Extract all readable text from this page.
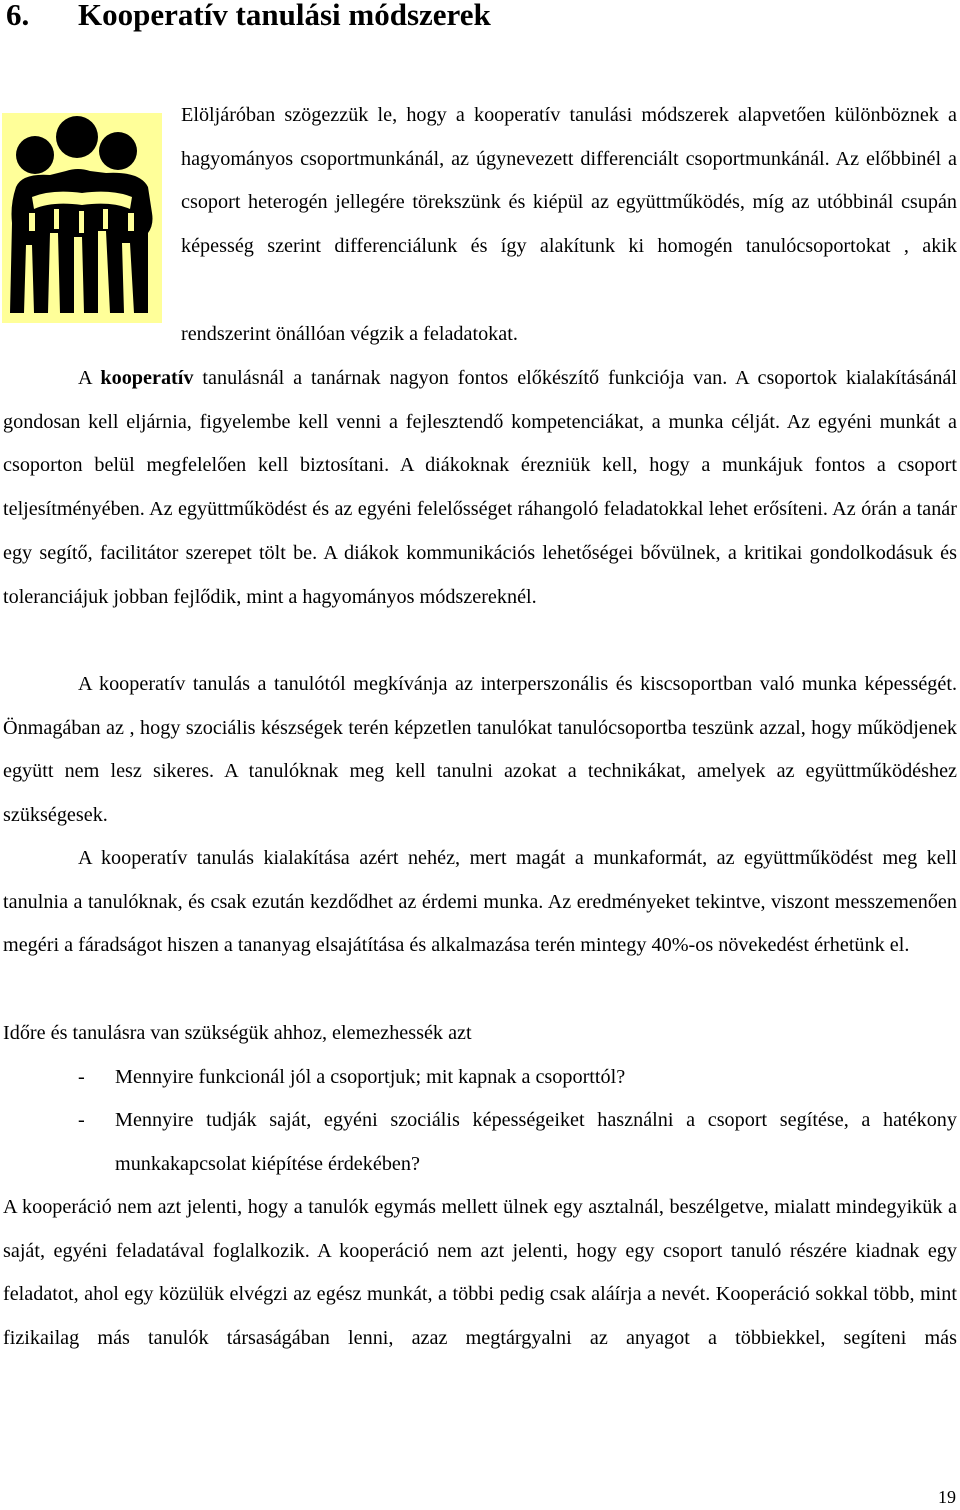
6. Kooperatív tanulási módszerek

Elöljáróban szögezzük le, hogy a kooperatív tanulási módszerek alapvetően különböznek a hagyományos csoportmunkánál, az úgynevezett differenciált csoportmunkánál. Az előbbinél a csoport heterogén jellegére törekszünk és kiépül az együttműködés, míg az utóbbinál csupán képesség szerint differenciálunk és így alakítunk ki homogén tanulócsoportokat , akik

rendszerint önállóan végzik a feladatokat.

A kooperatív tanulásnál a tanárnak nagyon fontos előkészítő funkciója van. A csoportok kialakításánál gondosan kell eljárnia, figyelembe kell venni a fejlesztendő kompetenciákat, a munka célját. Az egyéni munkát a csoporton belül megfelelően kell biztosítani. A diákoknak érezniük kell, hogy a munkájuk fontos a csoport teljesítményében. Az együttműködést és az egyéni felelősséget ráhangoló feladatokkal lehet erősíteni. Az órán a tanár egy segítő, facilitátor szerepet tölt be. A diákok kommunikációs lehetőségei bővülnek, a kritikai gondolkodásuk és toleranciájuk jobban fejlődik, mint a hagyományos módszereknél.

A kooperatív tanulás a tanulótól megkívánja az interperszonális és kiscsoportban való munka képességét. Önmagában az , hogy szociális készségek terén képzetlen tanulókat tanulócsoportba teszünk azzal, hogy működjenek együtt nem lesz sikeres. A tanulóknak meg kell tanulni azokat a technikákat, amelyek az együttműködéshez szükségesek.

A kooperatív tanulás kialakítása azért nehéz, mert magát a munkaformát, az együttműködést meg kell tanulnia a tanulóknak, és csak ezután kezdődhet az érdemi munka. Az eredményeket tekintve, viszont messzemenően megéri a fáradságot hiszen a tananyag elsajátítása és alkalmazása terén mintegy 40%-os növekedést érhetünk el.

Időre és tanulásra van szükségük ahhoz, elemezhessék azt

- Mennyire funkcionál jól a csoportjuk; mit kapnak a csoporttól?
- Mennyire tudják saját, egyéni szociális képességeiket használni a csoport segítése, a hatékony munkakapcsolat kiépítése érdekében?

A kooperáció nem azt jelenti, hogy a tanulók egymás mellett ülnek egy asztalnál, beszélgetve, mialatt mindegyikük a saját, egyéni feladatával foglalkozik. A kooperáció nem azt jelenti, hogy egy csoport tanuló részére kiadnak egy feladatot, ahol egy közülük elvégzi az egész munkát, a többi pedig csak aláírja a nevét. Kooperáció sokkal több, mint fizikailag más tanulók társaságában lenni, azaz megtárgyalni az anyagot a többiekkel, segíteni más

19
